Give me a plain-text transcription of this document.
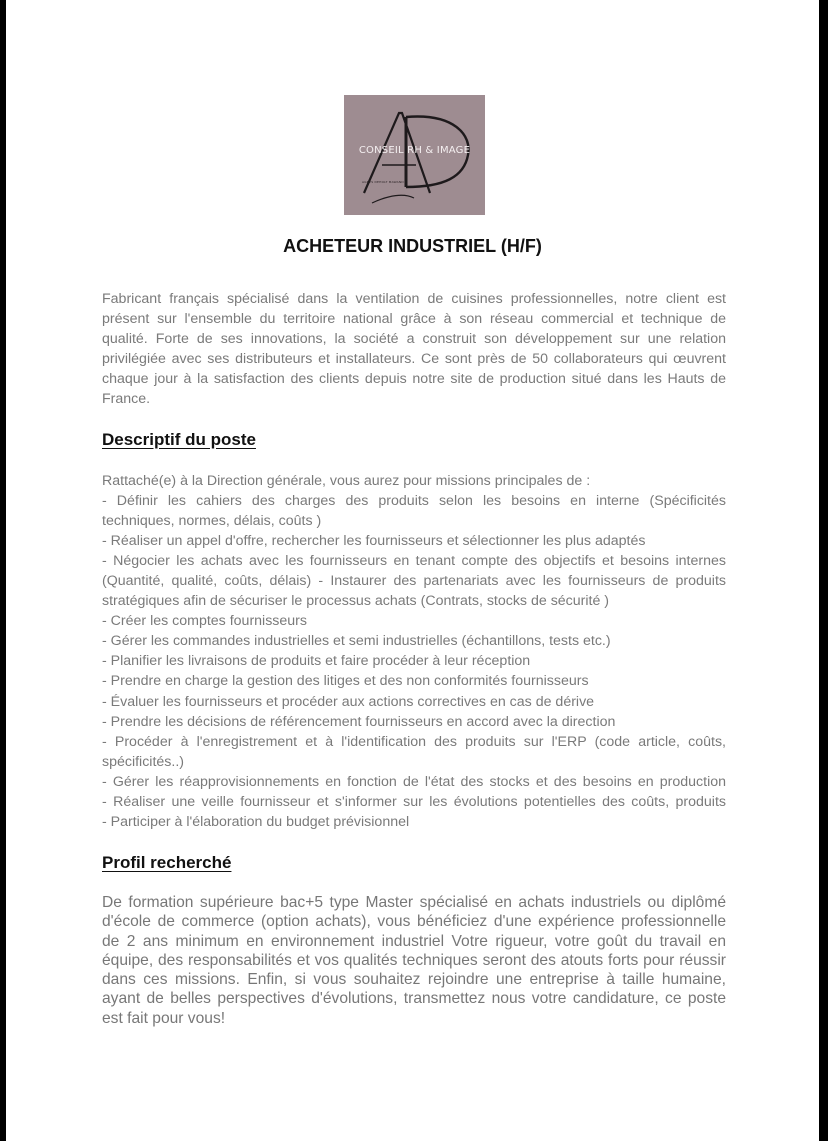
CONSEIL RH & IMAGE
AGNES DEHOLT MAWAND
ACHETEUR INDUSTRIEL (H/F)

Fabricant français spécialisé dans la ventilation de cuisines professionnelles, notre client est présent sur l'ensemble du territoire national grâce à son réseau commercial et technique de qualité. Forte de ses innovations, la société a construit son développement sur une relation privilégiée avec ses distributeurs et installateurs. Ce sont près de 50 collaborateurs qui œuvrent chaque jour à la satisfaction des clients depuis notre site de production situé dans les Hauts de France.

Descriptif du poste
Rattaché(e) à la Direction générale, vous aurez pour missions principales de :
- Définir les cahiers des charges des produits selon les besoins en interne (Spécificités
techniques, normes, délais, coûts )
- Réaliser un appel d'offre, rechercher les fournisseurs et sélectionner les plus adaptés
- Négocier les achats avec les fournisseurs en tenant compte des objectifs et besoins internes
(Quantité, qualité, coûts, délais) - Instaurer des partenariats avec les fournisseurs de produits
stratégiques afin de sécuriser le processus achats (Contrats, stocks de sécurité )
- Créer les comptes fournisseurs
- Gérer les commandes industrielles et semi industrielles (échantillons, tests etc.)
- Planifier les livraisons de produits et faire procéder à leur réception
- Prendre en charge la gestion des litiges et des non conformités fournisseurs
- Évaluer les fournisseurs et procéder aux actions correctives en cas de dérive
- Prendre les décisions de référencement fournisseurs en accord avec la direction
- Procéder à l'enregistrement et à l'identification des produits sur l'ERP (code article, coûts,
spécificités..)
- Gérer les réapprovisionnements en fonction de l'état des stocks et des besoins en production
- Réaliser une veille fournisseur et s'informer sur les évolutions potentielles des coûts, produits
- Participer à l'élaboration du budget prévisionnel
Profil recherché

De formation supérieure bac+5 type Master spécialisé en achats industriels ou diplômé d'école de commerce (option achats), vous bénéficiez d'une expérience professionnelle de 2 ans minimum en environnement industriel Votre rigueur, votre goût du travail en équipe, des responsabilités et vos qualités techniques seront des atouts forts pour réussir dans ces missions. Enfin, si vous souhaitez rejoindre une entreprise à taille humaine, ayant de belles perspectives d'évolutions, transmettez nous votre candidature, ce poste est fait pour vous!
